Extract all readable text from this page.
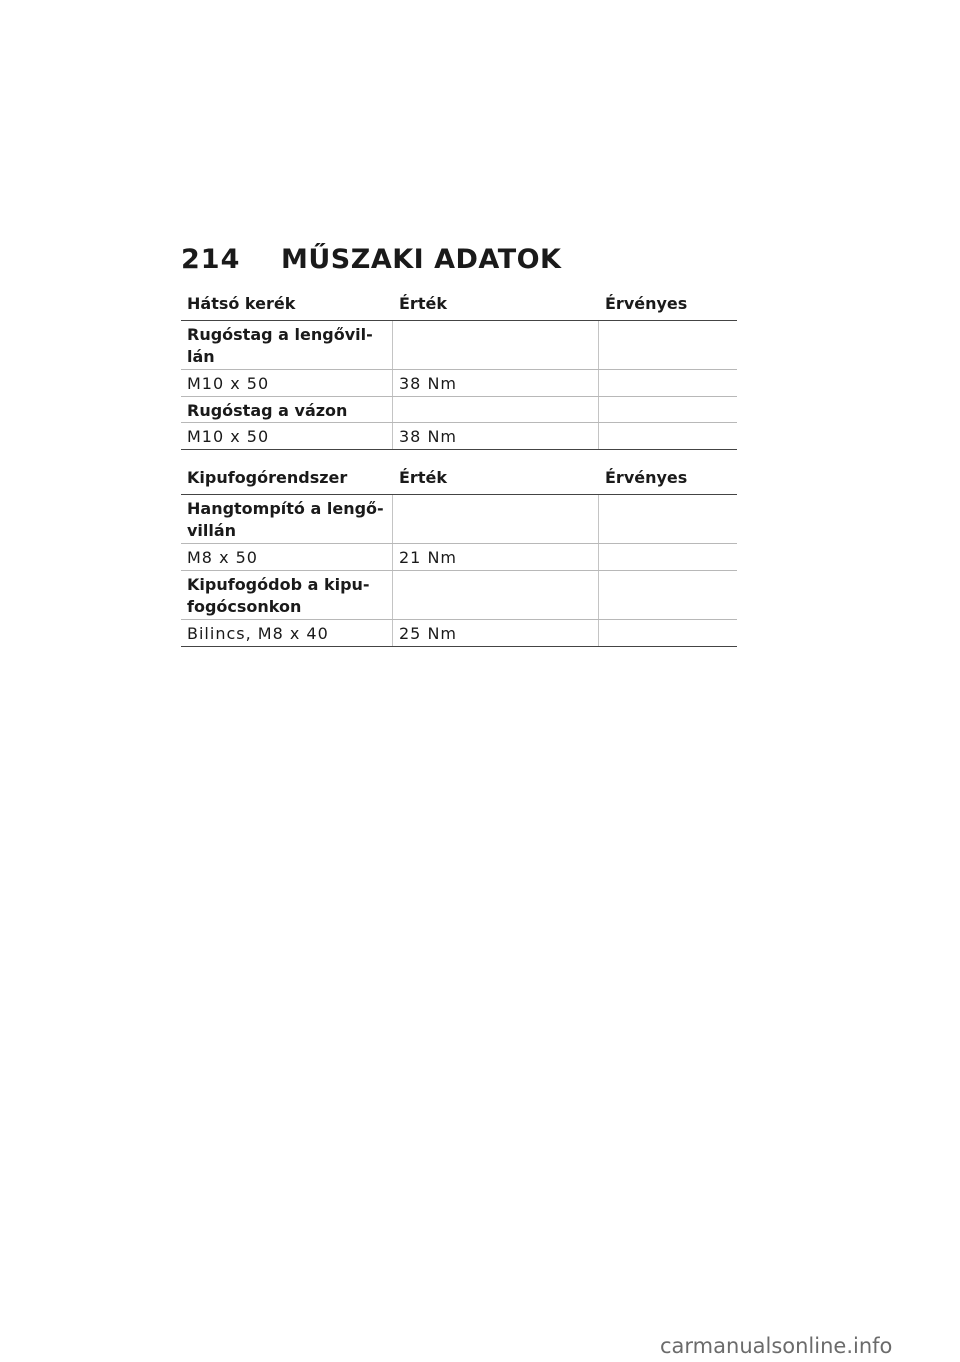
214 MŰSZAKI ADATOK
Hátsó kerék	Érték	Érvényes
Rugóstag a lengővil-
lán
M10 x 50	38 Nm
Rugóstag a vázon
M10 x 50	38 Nm
Kipufogórendszer	Érték	Érvényes
Hangtompító a lengő-
villán
M8 x 50	21 Nm
Kipufogódob a kipu-
fogócsonkon
Bilincs, M8 x 40	25 Nm
carmanualsonline.info
